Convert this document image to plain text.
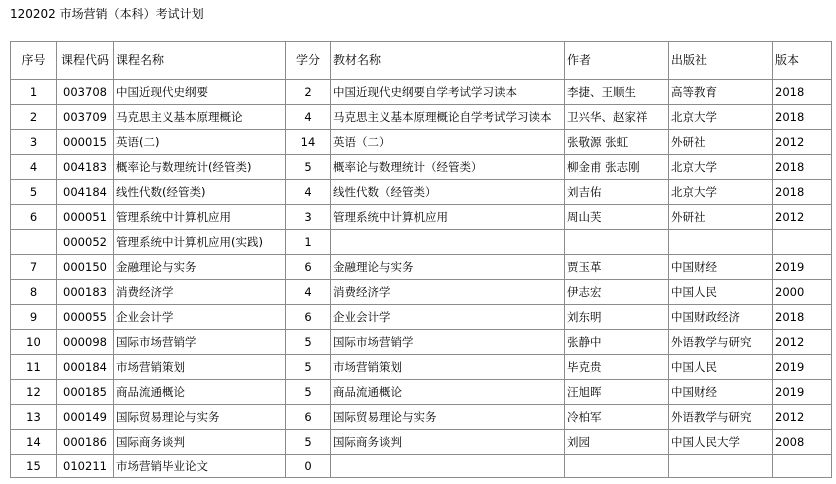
120202 市场营销（本科）考试计划
序号	课程代码	课程名称	学分	教材名称	作者	出版社	版本
1	003708	中国近现代史纲要	2	中国近现代史纲要自学考试学习读本	李捷、王顺生	高等教育	2018
2	003709	马克思主义基本原理概论	4	马克思主义基本原理概论自学考试学习读本	卫兴华、赵家祥	北京大学	2018
3	000015	英语(二)	14	英语（二）	张敬源 张虹	外研社	2012
4	004183	概率论与数理统计(经管类)	5	概率论与数理统计（经管类）	柳金甫 张志刚	北京大学	2018
5	004184	线性代数(经管类)	4	线性代数（经管类）	刘吉佑	北京大学	2018
6	000051	管理系统中计算机应用	3	管理系统中计算机应用	周山芙	外研社	2012
	000052	管理系统中计算机应用(实践)	1				
7	000150	金融理论与实务	6	金融理论与实务	贾玉革	中国财经	2019
8	000183	消费经济学	4	消费经济学	伊志宏	中国人民	2000
9	000055	企业会计学	6	企业会计学	刘东明	中国财政经济	2018
10	000098	国际市场营销学	5	国际市场营销学	张静中	外语教学与研究	2012
11	000184	市场营销策划	5	市场营销策划	毕克贵	中国人民	2019
12	000185	商品流通概论	5	商品流通概论	汪旭晖	中国财经	2019
13	000149	国际贸易理论与实务	6	国际贸易理论与实务	冷柏军	外语教学与研究	2012
14	000186	国际商务谈判	5	国际商务谈判	刘园	中国人民大学	2008
15	010211	市场营销毕业论文	0				
